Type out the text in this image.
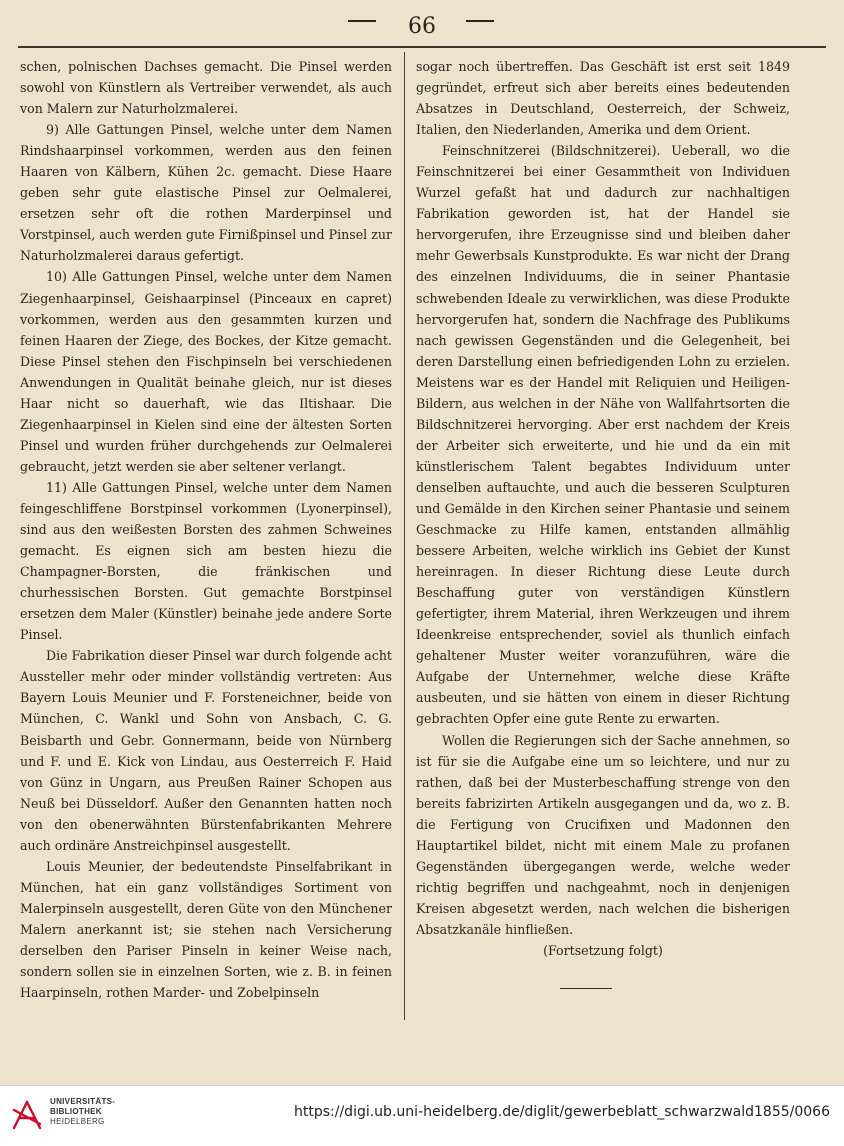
66

schen, polnischen Dachses gemacht. Die Pinsel werden sowohl von Künstlern als Vertreiber verwendet, als auch von Malern zur Naturholzmalerei.

9) Alle Gattungen Pinsel, welche unter dem Namen Rindshaarpinsel vorkommen, werden aus den feinen Haaren von Kälbern, Kühen 2c. gemacht. Diese Haare geben sehr gute elastische Pinsel zur Oelmalerei, ersetzen sehr oft die rothen Marderpinsel und Vorstpinsel, auch werden gute Firnißpinsel und Pinsel zur Naturholzmalerei daraus gefertigt.

10) Alle Gattungen Pinsel, welche unter dem Namen Ziegenhaarpinsel, Geishaarpinsel (Pinceaux en capret) vorkommen, werden aus den gesammten kurzen und feinen Haaren der Ziege, des Bockes, der Kitze gemacht. Diese Pinsel stehen den Fischpinseln bei verschiedenen Anwendungen in Qualität beinahe gleich, nur ist dieses Haar nicht so dauerhaft, wie das Iltishaar. Die Ziegenhaarpinsel in Kielen sind eine der ältesten Sorten Pinsel und wurden früher durchgehends zur Oelmalerei gebraucht, jetzt werden sie aber seltener verlangt.

11) Alle Gattungen Pinsel, welche unter dem Namen feingeschliffene Borstpinsel vorkommen (Lyonerpinsel), sind aus den weißesten Borsten des zahmen Schweines gemacht. Es eignen sich am besten hiezu die Champagner-Borsten, die fränkischen und churhessischen Borsten. Gut gemachte Borstpinsel ersetzen dem Maler (Künstler) beinahe jede andere Sorte Pinsel.

Die Fabrikation dieser Pinsel war durch folgende acht Aussteller mehr oder minder vollständig vertreten: Aus Bayern Louis Meunier und F. Forsteneichner, beide von München, C. Wankl und Sohn von Ansbach, C. G. Beisbarth und Gebr. Gonnermann, beide von Nürnberg und F. und E. Kick von Lindau, aus Oesterreich F. Haid von Günz in Ungarn, aus Preußen Rainer Schopen aus Neuß bei Düsseldorf. Außer den Genannten hatten noch von den obenerwähnten Bürstenfabrikanten Mehrere auch ordinäre Anstreichpinsel ausgestellt.

Louis Meunier, der bedeutendste Pinselfabrikant in München, hat ein ganz vollständiges Sortiment von Malerpinseln ausgestellt, deren Güte von den Münchener Malern anerkannt ist; sie stehen nach Versicherung derselben den Pariser Pinseln in keiner Weise nach, sondern sollen sie in einzelnen Sorten, wie z. B. in feinen Haarpinseln, rothen Marder- und Zobelpinseln

sogar noch übertreffen. Das Geschäft ist erst seit 1849 gegründet, erfreut sich aber bereits eines bedeutenden Absatzes in Deutschland, Oesterreich, der Schweiz, Italien, den Niederlanden, Amerika und dem Orient.

Feinschnitzerei (Bildschnitzerei). Ueberall, wo die Feinschnitzerei bei einer Gesammtheit von Individuen Wurzel gefaßt hat und dadurch zur nachhaltigen Fabrikation geworden ist, hat der Handel sie hervorgerufen, ihre Erzeugnisse sind und bleiben daher mehr Gewerbsals Kunstprodukte. Es war nicht der Drang des einzelnen Individuums, die in seiner Phantasie schwebenden Ideale zu verwirklichen, was diese Produkte hervorgerufen hat, sondern die Nachfrage des Publikums nach gewissen Gegenständen und die Gelegenheit, bei deren Darstellung einen befriedigenden Lohn zu erzielen. Meistens war es der Handel mit Reliquien und Heiligen-Bildern, aus welchen in der Nähe von Wallfahrtsorten die Bildschnitzerei hervorging. Aber erst nachdem der Kreis der Arbeiter sich erweiterte, und hie und da ein mit künstlerischem Talent begabtes Individuum unter denselben auftauchte, und auch die besseren Sculpturen und Gemälde in den Kirchen seiner Phantasie und seinem Geschmacke zu Hilfe kamen, entstanden allmählig bessere Arbeiten, welche wirklich ins Gebiet der Kunst hereinragen. In dieser Richtung diese Leute durch Beschaffung guter von verständigen Künstlern gefertigter, ihrem Material, ihren Werkzeugen und ihrem Ideenkreise entsprechender, soviel als thunlich einfach gehaltener Muster weiter voranzuführen, wäre die Aufgabe der Unternehmer, welche diese Kräfte ausbeuten, und sie hätten von einem in dieser Richtung gebrachten Opfer eine gute Rente zu erwarten.

Wollen die Regierungen sich der Sache annehmen, so ist für sie die Aufgabe eine um so leichtere, und nur zu rathen, daß bei der Musterbeschaffung strenge von den bereits fabrizirten Artikeln ausgegangen und da, wo z. B. die Fertigung von Crucifixen und Madonnen den Hauptartikel bildet, nicht mit einem Male zu profanen Gegenständen übergegangen werde, welche weder richtig begriffen und nachgeahmt, noch in denjenigen Kreisen abgesetzt werden, nach welchen die bisherigen Absatzkanäle hinfließen.

(Fortsetzung folgt)

UNIVERSITÄTS-
BIBLIOTHEK
HEIDELBERG
https://digi.ub.uni-heidelberg.de/diglit/gewerbeblatt_schwarzwald1855/0066
